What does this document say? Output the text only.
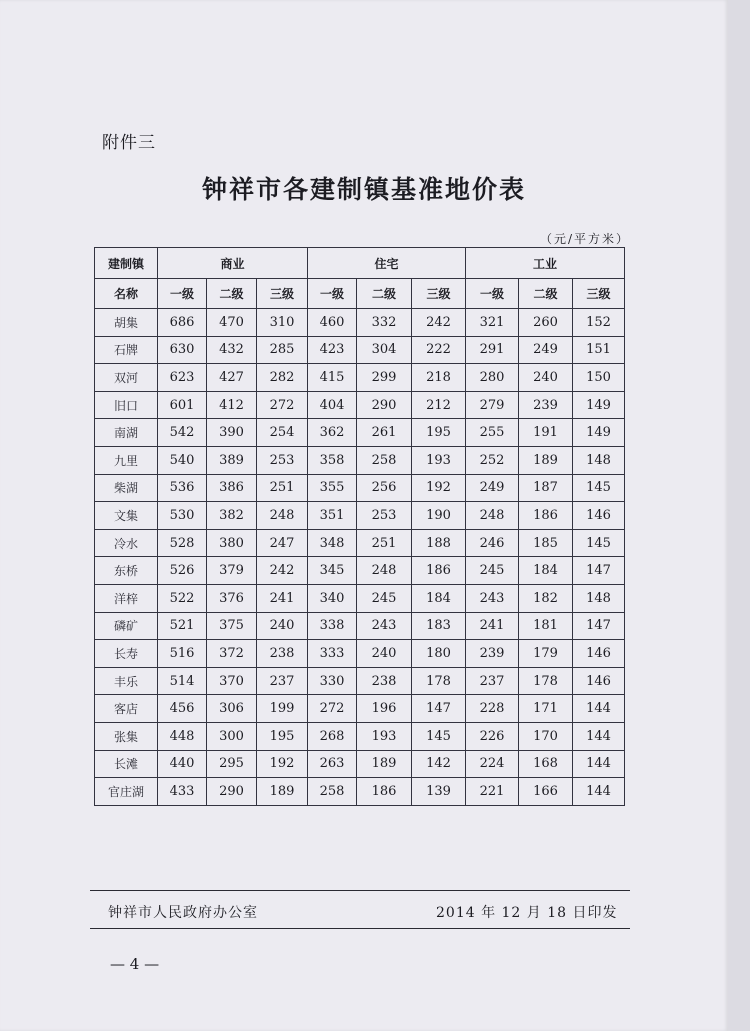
附件三
钟祥市各建制镇基准地价表
（元/平方米）
建制镇	商业			住宅			工业		
名称	一级	二级	三级	一级	二级	三级	一级	二级	三级
胡集	686	470	310	460	332	242	321	260	152
石牌	630	432	285	423	304	222	291	249	151
双河	623	427	282	415	299	218	280	240	150
旧口	601	412	272	404	290	212	279	239	149
南湖	542	390	254	362	261	195	255	191	149
九里	540	389	253	358	258	193	252	189	148
柴湖	536	386	251	355	256	192	249	187	145
文集	530	382	248	351	253	190	248	186	146
冷水	528	380	247	348	251	188	246	185	145
东桥	526	379	242	345	248	186	245	184	147
洋梓	522	376	241	340	245	184	243	182	148
磷矿	521	375	240	338	243	183	241	181	147
长寿	516	372	238	333	240	180	239	179	146
丰乐	514	370	237	330	238	178	237	178	146
客店	456	306	199	272	196	147	228	171	144
张集	448	300	195	268	193	145	226	170	144
长滩	440	295	192	263	189	142	224	168	144
官庄湖	433	290	189	258	186	139	221	166	144
钟祥市人民政府办公室	2014 年 12 月 18 日印发
— 4 —
